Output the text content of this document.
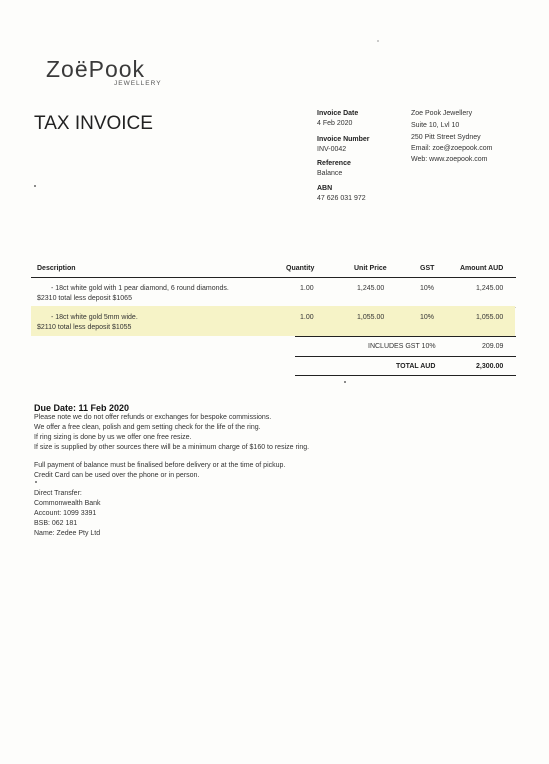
ZoëPook
JEWELLERY
TAX INVOICE	Invoice Date
4 Feb 2020
Invoice Number
INV-0042
Reference
Balance
ABN
47 626 031 972
Zoe Pook Jewellery
Suite 10, Lvl 10
250 Pitt Street Sydney
Email: zoe@zoepook.com
Web: www.zoepook.com
Description	Quantity	Unit Price	GST	Amount AUD
- 18ct white gold with 1 pear diamond, 6 round diamonds.
$2310 total less deposit $1065
1.00	1,245.00	10%	1,245.00
- 18ct white gold 5mm wide.
$2110 total less deposit $1055
1.00	1,055.00	10%	1,055.00
INCLUDES GST 10%	209.09
TOTAL AUD	2,300.00
Due Date: 11 Feb 2020
Please note we do not offer refunds or exchanges for bespoke commissions.
We offer a free clean, polish and gem setting check for the life of the ring.
If ring sizing is done by us we offer one free resize.
If size is supplied by other sources there will be a minimum charge of $160 to resize ring.
Full payment of balance must be finalised before delivery or at the time of pickup.
Credit Card can be used over the phone or in person.
Direct Transfer:
Commonwealth Bank
Account: 1099 3391
BSB: 062 181
Name: Zedee Pty Ltd
